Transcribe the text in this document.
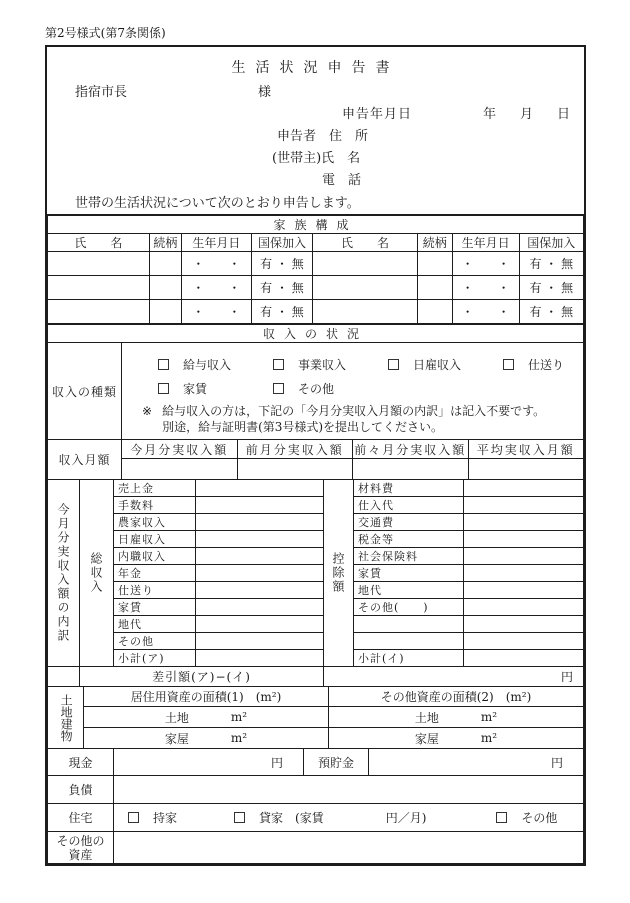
第2号様式(第7条関係)
生活状況申告書
指宿市長	様
申告年月日	年 月 日
申告者　住　所
(世帯主)氏　名
電　話
世帯の生活状況について次のとおり申告します。
家族構成							
氏　　名	続柄	生年月日	国保加入	氏　　名	続柄	生年月日	国保加入
		・　　・	有 ・ 無			・　　・	有 ・ 無
		・　　・	有 ・ 無			・　　・	有 ・ 無
		・　　・	有 ・ 無			・　　・	有 ・ 無
収入の状況
収入の種類	
給与収入	事業収入	日雇収入	仕送り
家賃	その他
※ 給与収入の方は，下記の「今月分実収入月額の内訳」は記入不要です。
別途，給与証明書(第3号様式)を提出してください。
収入月額	今月分実収入額	前月分実収入額	前々月分実収入額	平均実収入月額

今月分実収入額の内訳	総収入	売上金		控除額	材料費	
		手数料			仕入代	
		農家収入			交通費	
		日雇収入			税金等	
		内職収入			社会保険料	
		年金			家賃	
		仕送り			地代	
		家賃			その他(　　)	
		地代				
		その他				
		小計(ア)			小計(イ)	
	差引額(ア)−(イ)			円		
土地建物	居住用資産の面積(1)　(m²)	その他資産の面積(2)　(m²)

	土地 m²	土地 m²

	家屋 m²	家屋 m²
現金	円	預貯金	円
負債	
住宅	持家	貸家 (家賃	円／月)	その他
その他の
資産
